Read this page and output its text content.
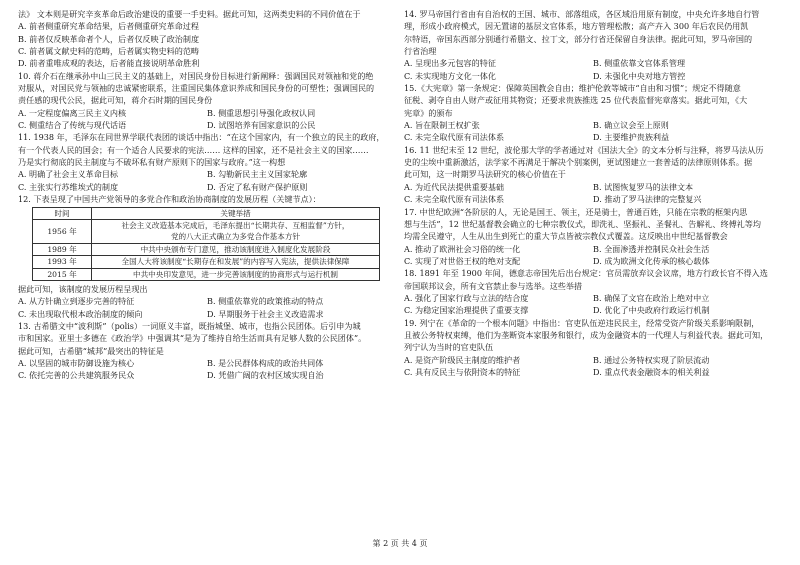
法》 文本则是研究辛亥革命后政治建设的重要一手史料。据此可知，这两类史料的不同价值在于

A. 前者侧重研究革命结果，后者侧重研究革命过程

B. 前者仅反映革命者个人，后者仅反映了政治制度

C. 前者属文献史料的范畴，后者属实物史料的范畴

D. 前者重唯成观的表达，后者能直接说明革命胜利

10. 蒋介石在继承孙中山三民主义的基础上，对国民身份目标进行新阐释：强调国民对领袖和党的绝

对服从，对国民党与领袖的忠诚紧密联系，注重国民集体意识养成和国民身份的可塑性；强调国民的

责任感的现代公民，据此可知，蒋介石时期的国民身份

A. 一定程度偏离三民主义内核	B. 侧重思想引导强化政权认同

C. 侧重结合了传统与现代话语	D. 试图培养有国家意识的公民

11. 1938 年，毛泽东在同世界学联代表团的谈话中指出：“在这个国家内，有一个独立的民主的政府，

有一个代表人民的国会；有一个适合人民要求的宪法…… 这样的国家，还不是社会主义的国家……

乃是实行彻底的民主制度与不破坏私有财产原则下的国家与政府。”这一构想

A. 明确了社会主义革命目标	B. 勾勒新民主主义国家轮廓

C. 主张实行苏维埃式的制度	D. 否定了私有财产保护原则

12. 下表呈现了中国共产党领导的多党合作和政治协商制度的发展历程（关键节点）：

时间	关键举措
1956 年	社会主义改造基本完成后，毛泽东提出“长期共存、互相监督”方针，
党的八大正式确立为多党合作基本方针

1989 年	中共中央颁布专门意见，推动该制度进入制度化发展阶段
1993 年	全国人大将该制度“长期存在和发展”的内容写入宪法，提供法律保障
2015 年	中共中央印发意见，进一步完善该制度的协商形式与运行机制

据此可知，该制度的发展历程呈现出

A. 从方针确立到逐步完善的特征	B. 侧重依靠党的政策推动的特点

C. 未出现取代根本政治制度的倾向	D. 早期服务于社会主义改造需求

13. 古希腊文中“波利斯”（polis）一词原义丰富，既指城堡、城市，也指公民团体。后引申为城

市和国家。亚里士多德在《政治学》中强调其“是为了维持自给生活而具有足够人数的公民团体”。

据此可知，古希腊“城邦”最突出的特征是

A. 以坚固的城市防御设施为核心	B. 是公民群体构成的政治共同体

C. 依托完善的公共建筑服务民众	D. 凭借广阔的农村区域实现自治

14. 罗马帝国行省由有自治权的王国、城市、部落组成，各区域沿用原有制度，中央允许多地自行管

理，形成小政府模式，因无置诸的基层文官体系，地方管理松散；高产卉入 300 年后农民仍用凯

尔特语，帝国东西部分别通行希腊文、拉丁文，部分行省还保留自身法律。据此可知，罗马帝国的

行省治理

A. 呈现出多元包容的特征	B. 侧重依靠文官体系管理

C. 未实现地方文化一体化	D. 未强化中央对地方管控

15.《大宪章》第一条规定：保障英国教会自由；维护伦敦等城市“自由和习惯”；规定不得随意

征税、剥夺自由人财产或征用其物资；还要求贵族推选 25 位代表监督宪章落实。据此可知，《大

宪章》的颁布

A. 旨在限制王权扩张	B. 确立议会至上原则

C. 未完全取代原有司法体系	D. 主要维护贵族利益

16. 11 世纪末至 12 世纪，波伦那大学的学者通过对《国法大全》的文本分析与注释，将罗马法从历

史的尘埃中重新激活，法学家不再满足于解决个别案例，更试图建立一套普适的法律原则体系。据

此可知，这一时期罗马法研究的核心价值在于

A. 为近代民法提供重要基础	B. 试图恢复罗马的法律文本

C. 未完全取代原有司法体系	D. 推动了罗马法律的完整复兴

17. 中世纪欧洲“各阶层的人，无论是国王、领主，还是骑士，普通百姓，只能在宗教的框架内思

想与生活”，12 世纪基督教会确立的七种宗教仪式，即洗礼、坚振礼、圣餐礼、告解礼、终傅礼等均

均需全民遵守，人生从出生到死亡的重大节点皆被宗教仪式覆盖。这反映出中世纪基督教会

A. 推动了欧洲社会习俗的统一化	B. 全面渗透并控制民众社会生活

C. 实现了对世俗王权的绝对支配	D. 成为欧洲文化传承的核心载体

18. 1891 年至 1900 年间，德意志帝国先后出台规定：官员需放弃议会议席，地方行政长官不得入选

帝国联邦议会，所有文官禁止参与选举。这些举措

A. 强化了国家行政与立法的结合度	B. 确保了文官在政治上绝对中立

C. 为稳定国家治理提供了重要支撑	D. 优化了中央政府行政运行机制

19. 列宁在《革命的一个根本问题》中指出：官吏队伍逆违民民主，经常受资产阶级关系影响限制，

且被公务特权束缚，他们为垄断资本家服务和银行，成为金融资本的一代理人与利益代表。据此可知，

列宁认为当时的官吏队伍

A. 是资产阶级民主制度的维护者	B. 通过公务特权实现了阶层流动

C. 具有反民主与依附资本的特征	D. 重点代表金融资本的相关利益

第 2 页 共 4 页
